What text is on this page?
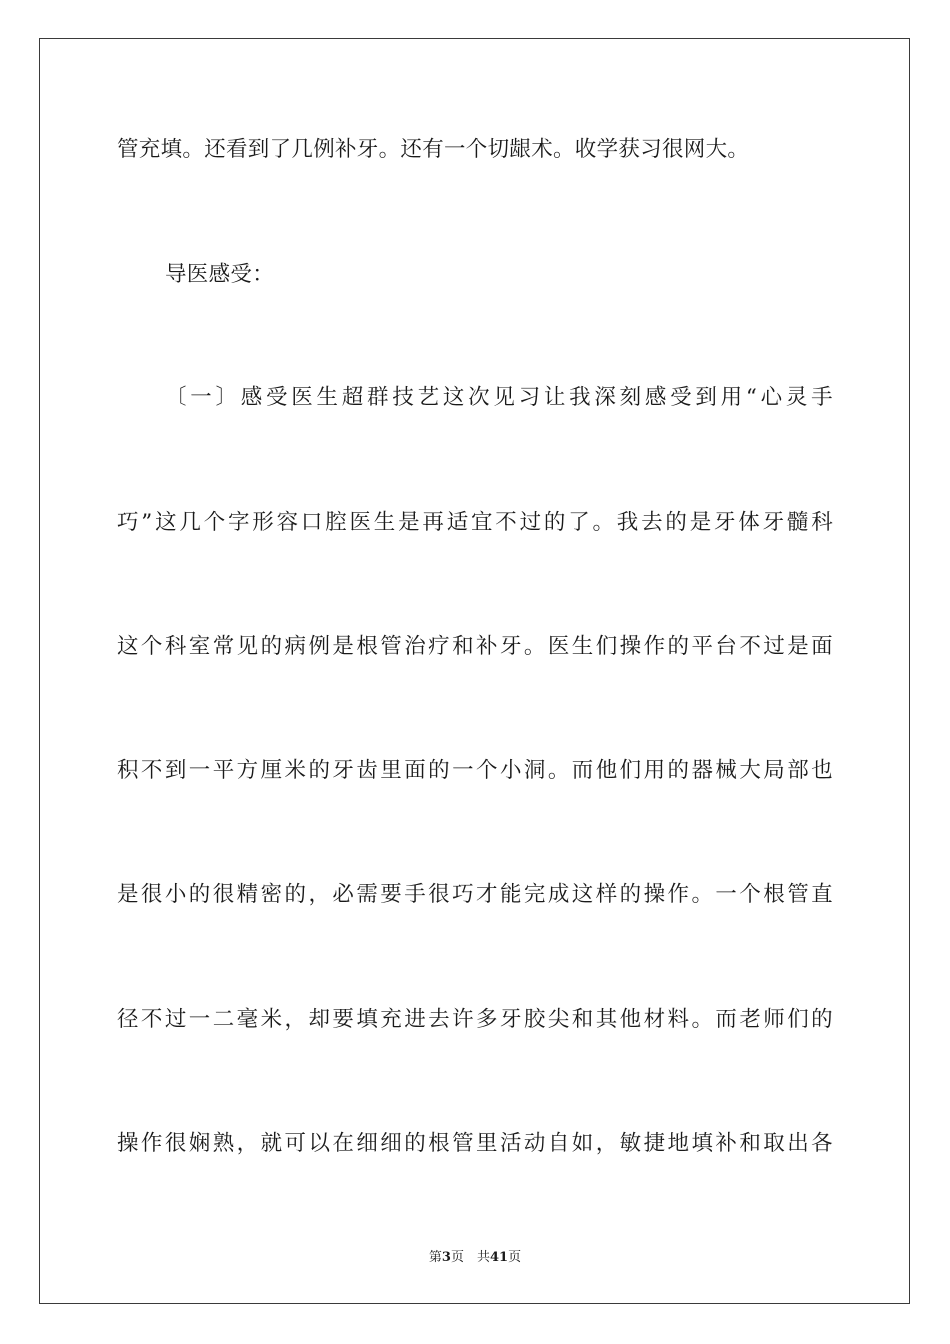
管充填。还看到了几例补牙。还有一个切龈术。收学获习很网大。
导医感受：
〔一〕感受医生超群技艺这次见习让我深刻感受到用“心灵手
巧”这几个字形容口腔医生是再适宜不过的了。我去的是牙体牙髓科
这个科室常见的病例是根管治疗和补牙。医生们操作的平台不过是面
积不到一平方厘米的牙齿里面的一个小洞。而他们用的器械大局部也
是很小的很精密的，必需要手很巧才能完成这样的操作。一个根管直
径不过一二毫米，却要填充进去许多牙胶尖和其他材料。而老师们的
操作很娴熟，就可以在细细的根管里活动自如，敏捷地填补和取出各
第3页　共41页
